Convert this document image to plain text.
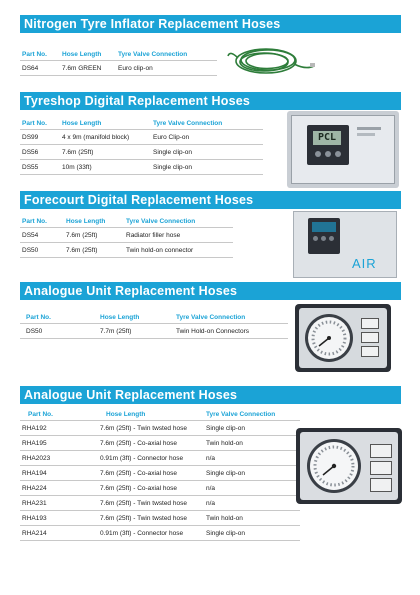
Nitrogen Tyre Inflator Replacement Hoses
Part No.	Hose Length	Tyre Valve Connection
DS64	7.6m GREEN	Euro clip-on
Tyreshop Digital Replacement Hoses
Part No.	Hose Length	Tyre Valve Connection
DS99	4 x 9m (manifold block)	Euro Clip-on
DS56	7.6m (25ft)	Single clip-on
DS55	10m (33ft)	Single clip-on
PCL
Forecourt Digital Replacement Hoses
Part No.	Hose Length	Tyre Valve Connection
DS54	7.6m (25ft)	Radiator filler hose
DS50	7.6m (25ft)	Twin hold-on connector
AIR
Analogue Unit Replacement Hoses
Part No.	Hose Length	Tyre Valve Connection
DS50	7.7m (25ft)	Twin Hold-on Connectors
Analogue Unit Replacement Hoses
Part No.	Hose Length	Tyre Valve Connection
RHA192	7.6m (25ft) - Twin twsted hose	Single clip-on
RHA195	7.6m (25ft) - Co-axial hose	Twin hold-on
RHA2023	0.91m (3ft) - Connector hose	n/a
RHA194	7.6m (25ft) - Co-axial hose	Single clip-on
RHA224	7.6m (25ft) - Co-axial hose	n/a
RHA231	7.6m (25ft) - Twin twsted hose	n/a
RHA193	7.6m (25ft) - Twin twsted hose	Twin hold-on
RHA214	0.91m (3ft) - Connector hose	Single clip-on
